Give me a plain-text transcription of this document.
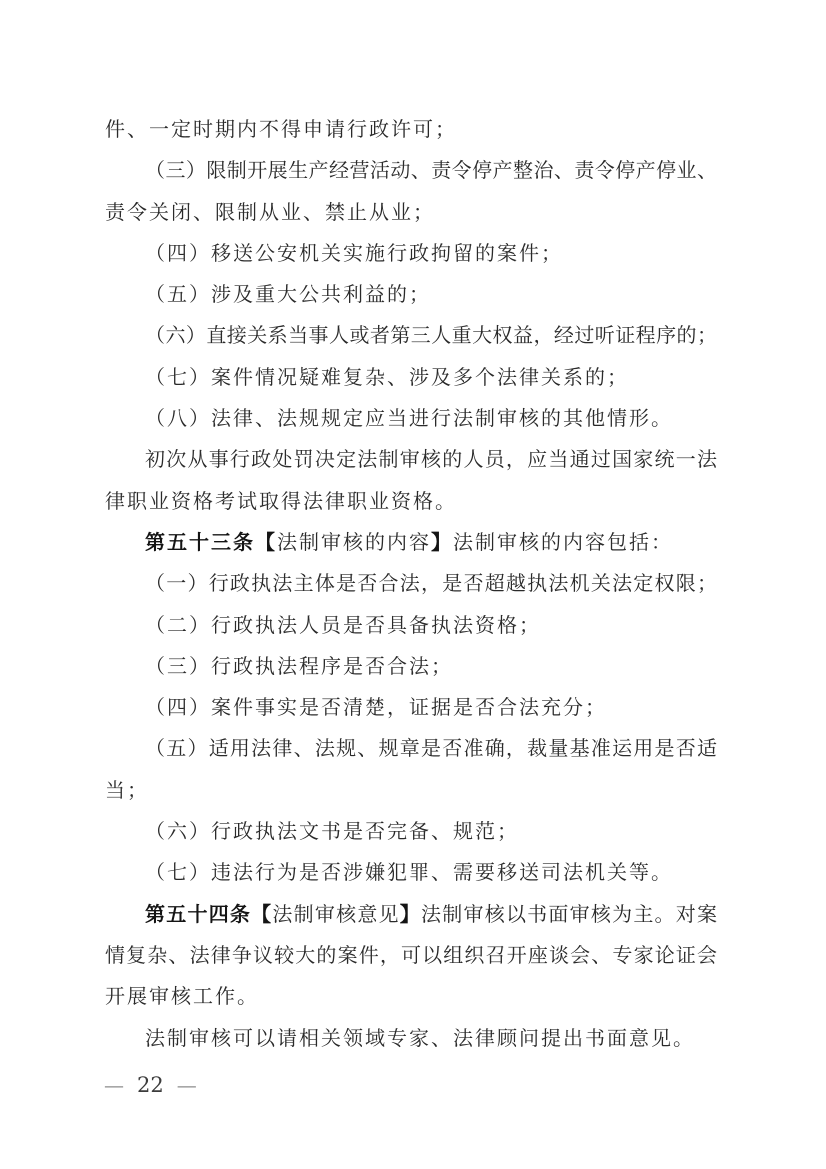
件、一定时期内不得申请行政许可；
（三）限制开展生产经营活动、责令停产整治、责令停产停业、
责令关闭、限制从业、禁止从业；
（四）移送公安机关实施行政拘留的案件；
（五）涉及重大公共利益的；
（六）直接关系当事人或者第三人重大权益，经过听证程序的；
（七）案件情况疑难复杂、涉及多个法律关系的；
（八）法律、法规规定应当进行法制审核的其他情形。
初次从事行政处罚决定法制审核的人员，应当通过国家统一法
律职业资格考试取得法律职业资格。
第五十三条【法制审核的内容】法制审核的内容包括：
（一）行政执法主体是否合法，是否超越执法机关法定权限；
（二）行政执法人员是否具备执法资格；
（三）行政执法程序是否合法；
（四）案件事实是否清楚，证据是否合法充分；
（五）适用法律、法规、规章是否准确，裁量基准运用是否适
当；
（六）行政执法文书是否完备、规范；
（七）违法行为是否涉嫌犯罪、需要移送司法机关等。
第五十四条【法制审核意见】法制审核以书面审核为主。对案
情复杂、法律争议较大的案件，可以组织召开座谈会、专家论证会
开展审核工作。
法制审核可以请相关领域专家、法律顾问提出书面意见。
— 22 —
